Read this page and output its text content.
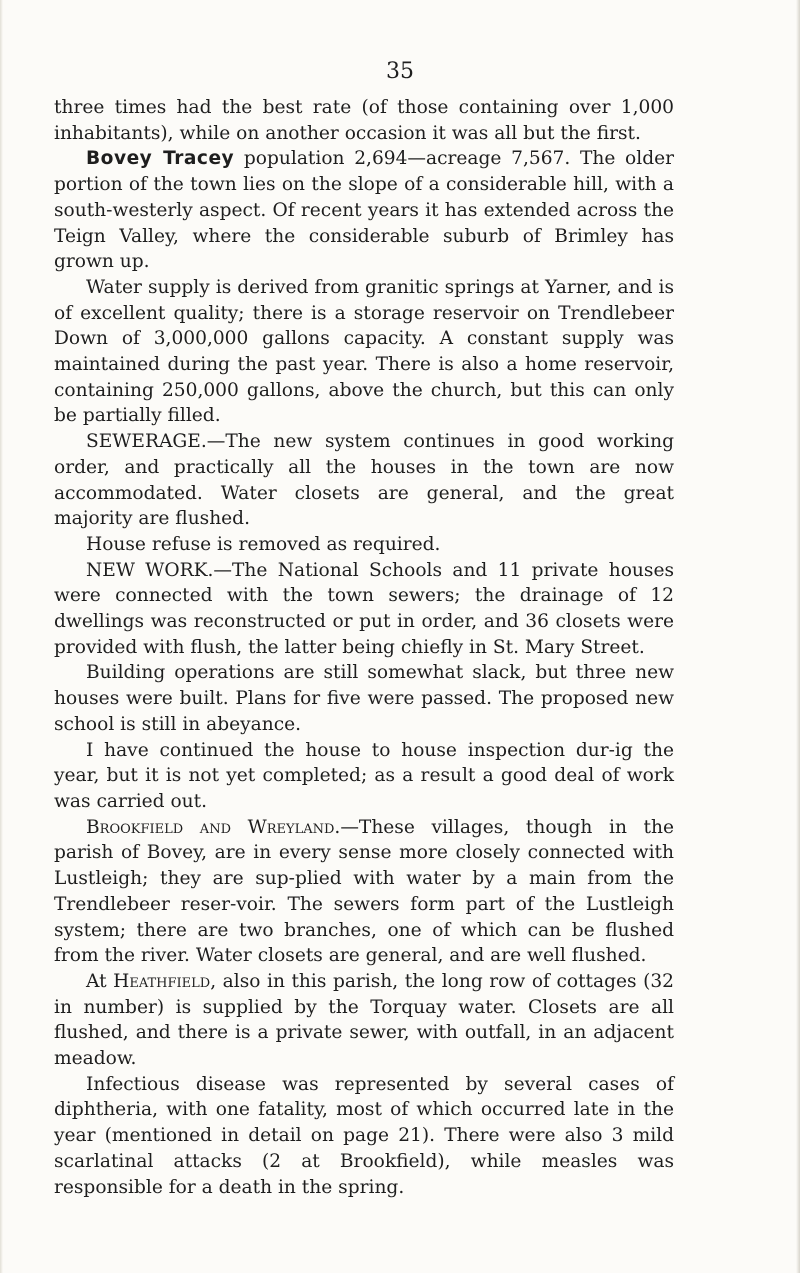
35

three times had the best rate (of those containing over 1,000 inhabitants), while on another occasion it was all but the first.

Bovey Tracey population 2,694—acreage 7,567. The older portion of the town lies on the slope of a considerable hill, with a south-westerly aspect. Of recent years it has extended across the Teign Valley, where the considerable suburb of Brimley has grown up.

Water supply is derived from granitic springs at Yarner, and is of excellent quality; there is a storage reservoir on Trendlebeer Down of 3,000,000 gallons capacity. A constant supply was maintained during the past year. There is also a home reservoir, containing 250,000 gallons, above the church, but this can only be partially filled.

SEWERAGE.—The new system continues in good working order, and practically all the houses in the town are now accommodated. Water closets are general, and the great majority are flushed.

House refuse is removed as required.

NEW WORK.—The National Schools and 11 private houses were connected with the town sewers; the drainage of 12 dwellings was reconstructed or put in order, and 36 closets were provided with flush, the latter being chiefly in St. Mary Street.

Building operations are still somewhat slack, but three new houses were built. Plans for five were passed. The proposed new school is still in abeyance.

I have continued the house to house inspection dur-ig the year, but it is not yet completed; as a result a good deal of work was carried out.

Brookfield and Wreyland.—These villages, though in the parish of Bovey, are in every sense more closely connected with Lustleigh; they are sup-plied with water by a main from the Trendlebeer reser-voir. The sewers form part of the Lustleigh system; there are two branches, one of which can be flushed from the river. Water closets are general, and are well flushed.

At Heathfield, also in this parish, the long row of cottages (32 in number) is supplied by the Torquay water. Closets are all flushed, and there is a private sewer, with outfall, in an adjacent meadow.

Infectious disease was represented by several cases of diphtheria, with one fatality, most of which occurred late in the year (mentioned in detail on page 21). There were also 3 mild scarlatinal attacks (2 at Brookfield), while measles was responsible for a death in the spring.
